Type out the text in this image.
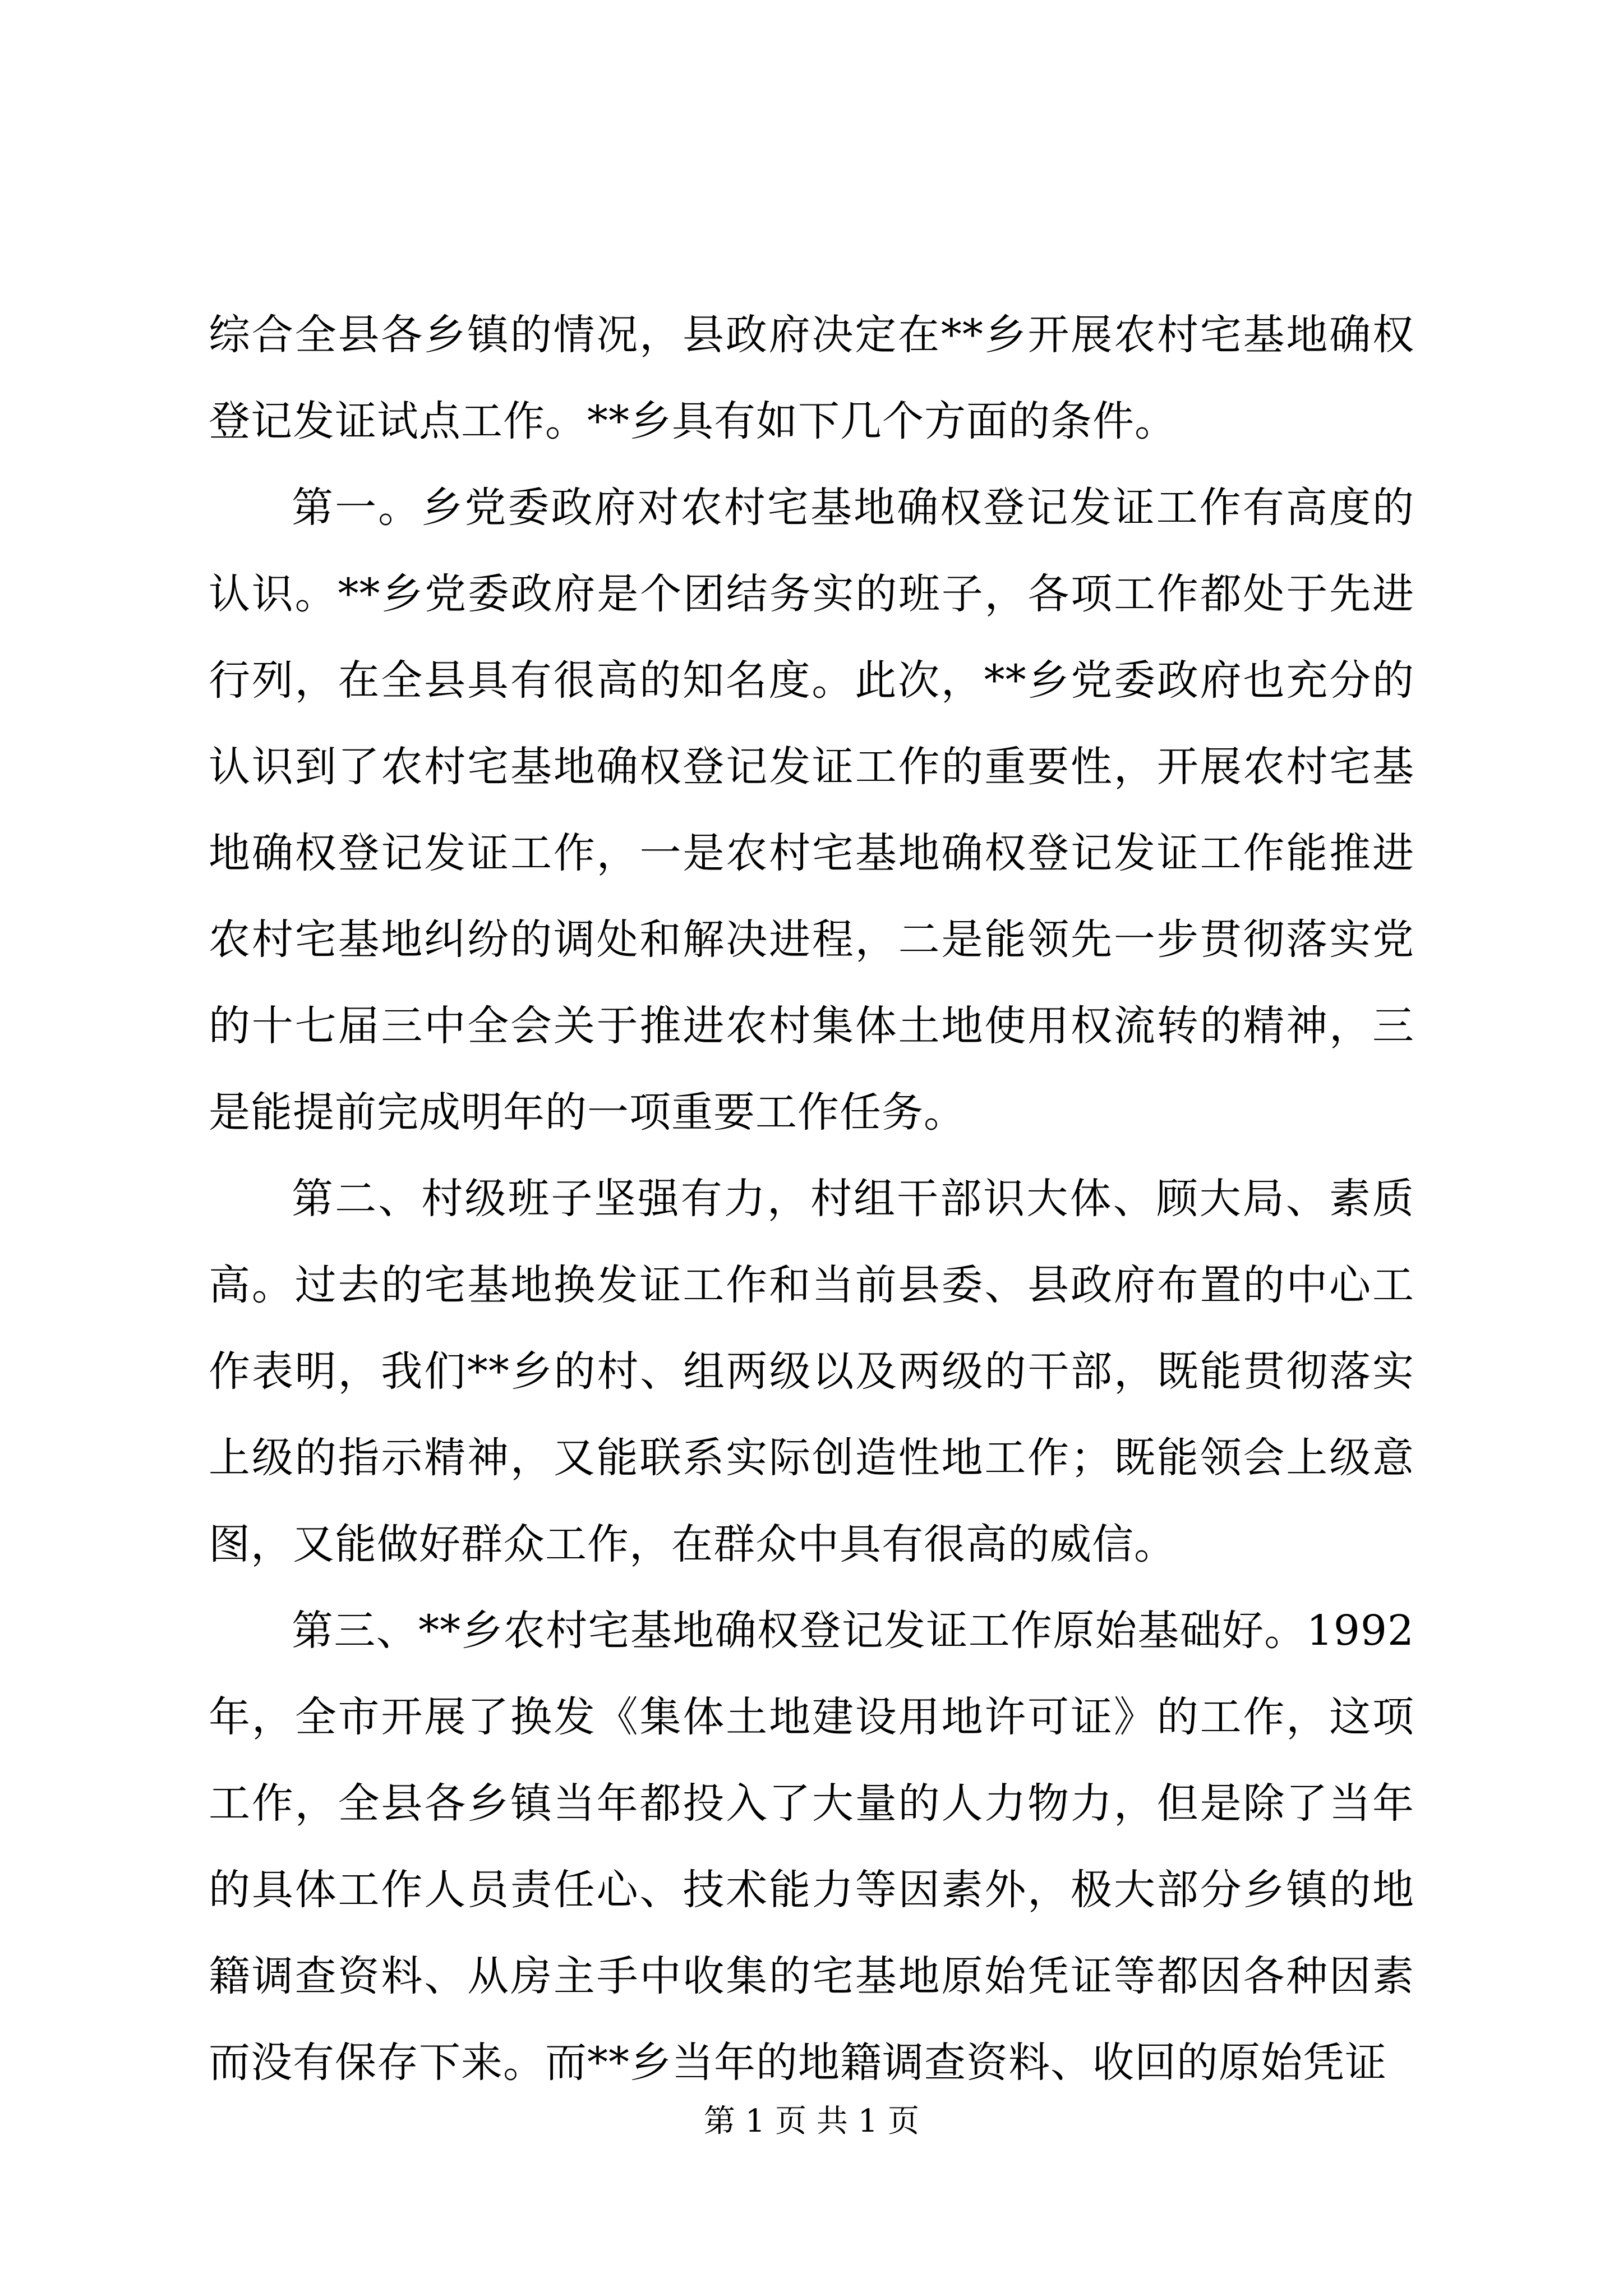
综合全县各乡镇的情况，县政府决定在**乡开展农村宅基地确权登记发证试点工作。**乡具有如下几个方面的条件。

第一。乡党委政府对农村宅基地确权登记发证工作有高度的认识。**乡党委政府是个团结务实的班子，各项工作都处于先进行列，在全县具有很高的知名度。此次，**乡党委政府也充分的认识到了农村宅基地确权登记发证工作的重要性，开展农村宅基地确权登记发证工作，一是农村宅基地确权登记发证工作能推进农村宅基地纠纷的调处和解决进程，二是能领先一步贯彻落实党的十七届三中全会关于推进农村集体土地使用权流转的精神，三是能提前完成明年的一项重要工作任务。

第二、村级班子坚强有力，村组干部识大体、顾大局、素质高。过去的宅基地换发证工作和当前县委、县政府布置的中心工作表明，我们**乡的村、组两级以及两级的干部，既能贯彻落实上级的指示精神，又能联系实际创造性地工作；既能领会上级意图，又能做好群众工作，在群众中具有很高的威信。

第三、**乡农村宅基地确权登记发证工作原始基础好。1992年，全市开展了换发《集体土地建设用地许可证》的工作，这项工作，全县各乡镇当年都投入了大量的人力物力，但是除了当年的具体工作人员责任心、技术能力等因素外，极大部分乡镇的地籍调查资料、从房主手中收集的宅基地原始凭证等都因各种因素而没有保存下来。而**乡当年的地籍调查资料、收回的原始凭证

第 1 页 共 1 页
